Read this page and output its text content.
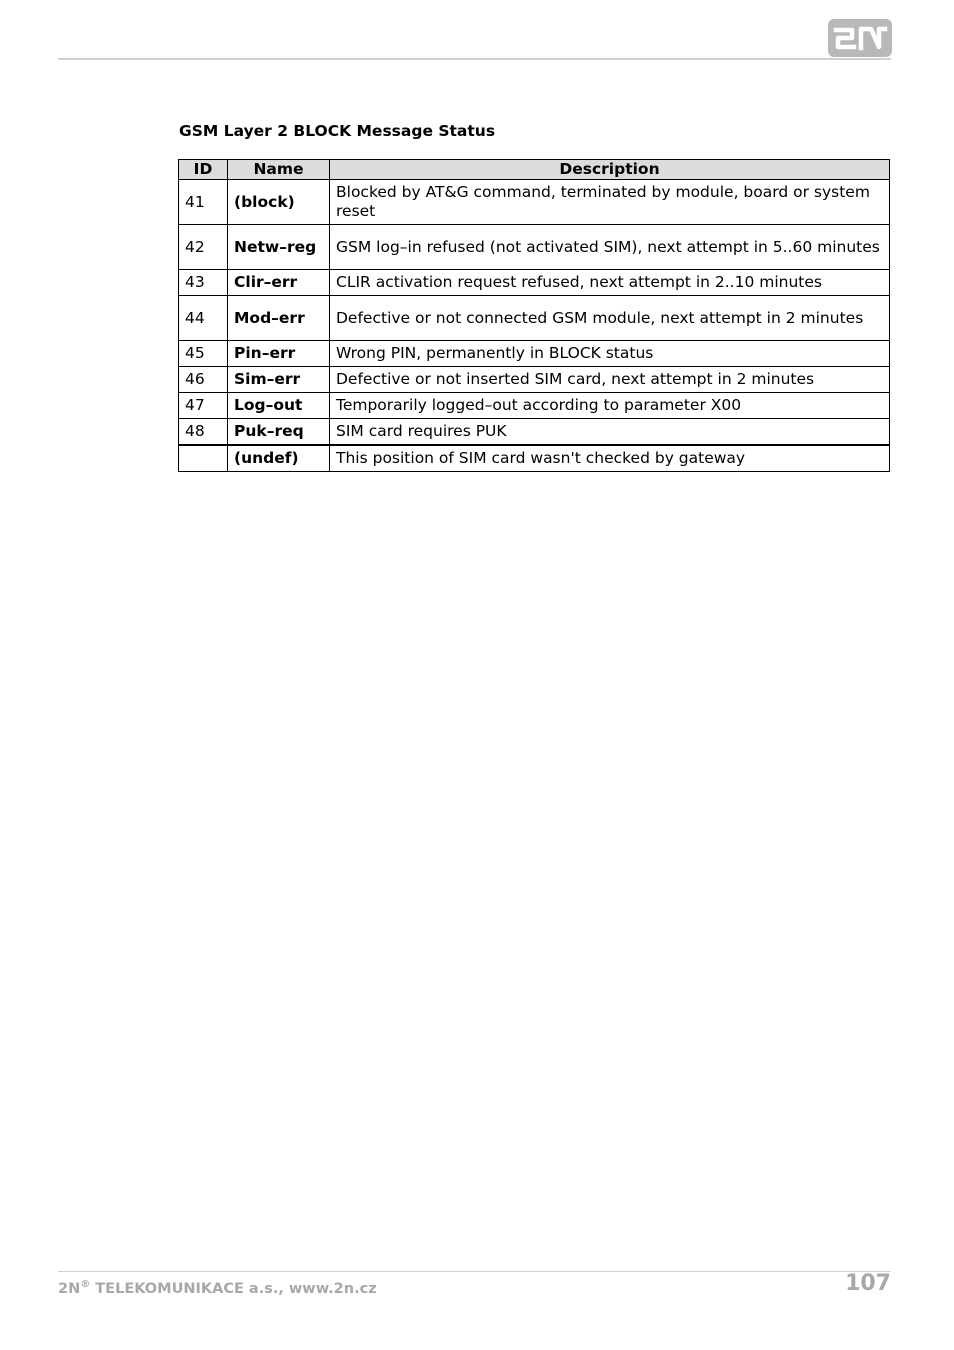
GSM Layer 2 BLOCK Message Status
ID	Name	Description
41	(block)	Blocked by AT&G command, terminated by module, board or system reset
42	Netw–reg	GSM log–in refused (not activated SIM), next attempt in 5..60 minutes
43	Clir–err	CLIR activation request refused, next attempt in 2..10 minutes
44	Mod–err	Defective or not connected GSM module, next attempt in 2 minutes
45	Pin–err	Wrong PIN, permanently in BLOCK status
46	Sim–err	Defective or not inserted SIM card, next attempt in 2 minutes
47	Log–out	Temporarily logged–out according to parameter X00
48	Puk–req	SIM card requires PUK
	(undef)	This position of SIM card wasn't checked by gateway
2N® TELEKOMUNIKACE a.s., www.2n.cz	107
